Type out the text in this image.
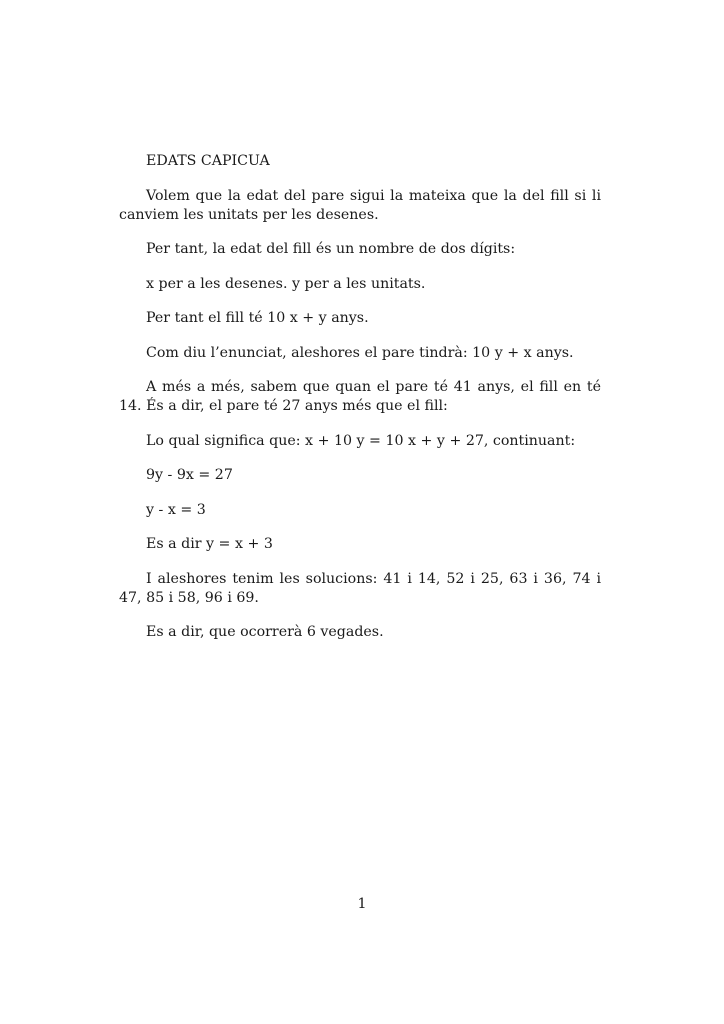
EDATS CAPICUA

Volem que la edat del pare sigui la mateixa que la del fill si li canviem les unitats per les desenes.

Per tant, la edat del fill és un nombre de dos dígits:

x per a les desenes. y per a les unitats.

Per tant el fill té 10 x + y anys.

Com diu l’enunciat, aleshores el pare tindrà: 10 y + x anys.

A més a més, sabem que quan el pare té 41 anys, el fill en té 14. És a dir, el pare té 27 anys més que el fill:

Lo qual significa que: x + 10 y = 10 x + y + 27, continuant:

9y - 9x = 27

y - x = 3

Es a dir y = x + 3

I aleshores tenim les solucions: 41 i 14, 52 i 25, 63 i 36, 74 i 47, 85 i 58, 96 i 69.

Es a dir, que ocorrerà 6 vegades.

1
